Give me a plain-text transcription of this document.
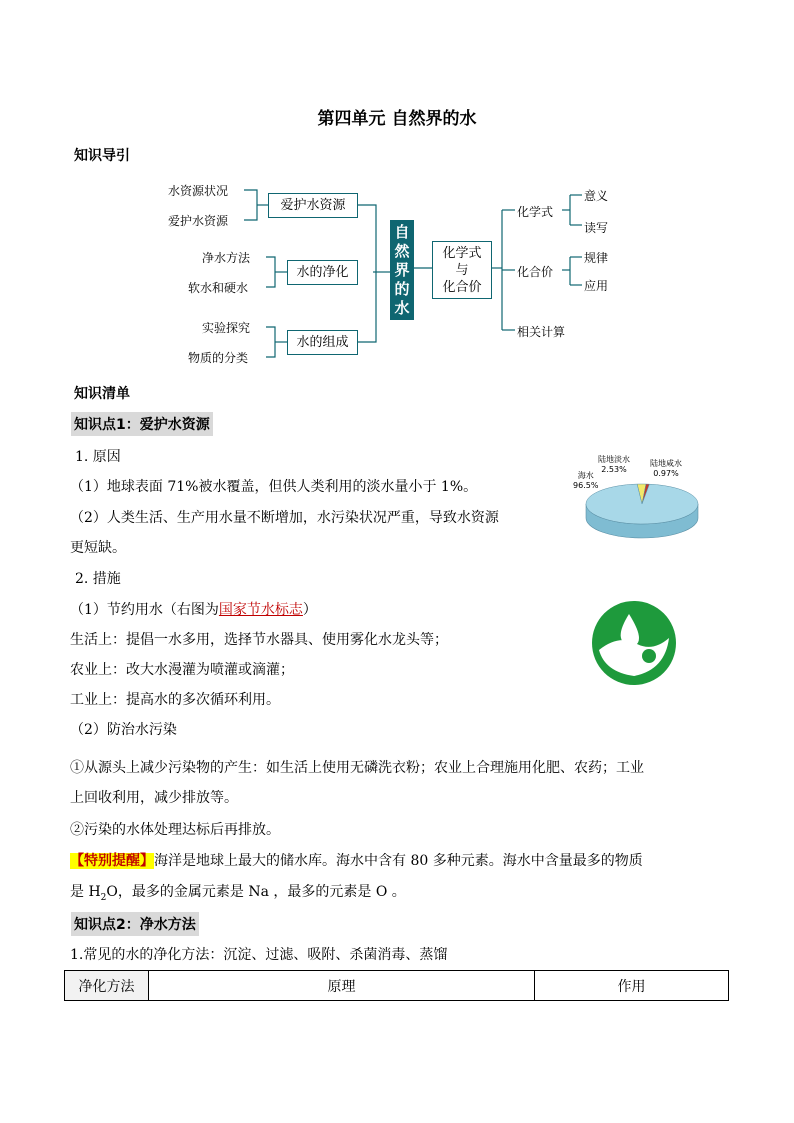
第四单元 自然界的水
知识导引
水资源状况
爱护水资源
爱护水资源
净水方法
软水和硬水
水的净化
实验探究
物质的分类
水的组成
自
然
界
的
水
化学式
与
化合价
化学式
化合价
相关计算
意义
读写
规律
应用
知识清单
知识点1：爱护水资源
1. 原因
（1）地球表面 71%被水覆盖，但供人类利用的淡水量小于 1%。
（2）人类生活、生产用水量不断增加，水污染状况严重，导致水资源
更短缺。
海水
96.5%
陆地淡水
2.53%
陆地咸水
0.97%
2. 措施
（1）节约用水（右图为国家节水标志）
生活上：提倡一水多用，选择节水器具、使用雾化水龙头等；
农业上：改大水漫灌为喷灌或滴灌；
工业上：提高水的多次循环利用。
（2）防治水污染
①从源头上减少污染物的产生：如生活上使用无磷洗衣粉；农业上合理施用化肥、农药；工业
上回收利用，减少排放等。
②污染的水体处理达标后再排放。
【特别提醒】海洋是地球上最大的储水库。海水中含有 80 多种元素。海水中含量最多的物质
是 $H_2O$，最多的金属元素是 Na ，最多的元素是 O 。
知识点2：净水方法
1.常见的水的净化方法：沉淀、过滤、吸附、杀菌消毒、蒸馏
净化方法	原理	作用
